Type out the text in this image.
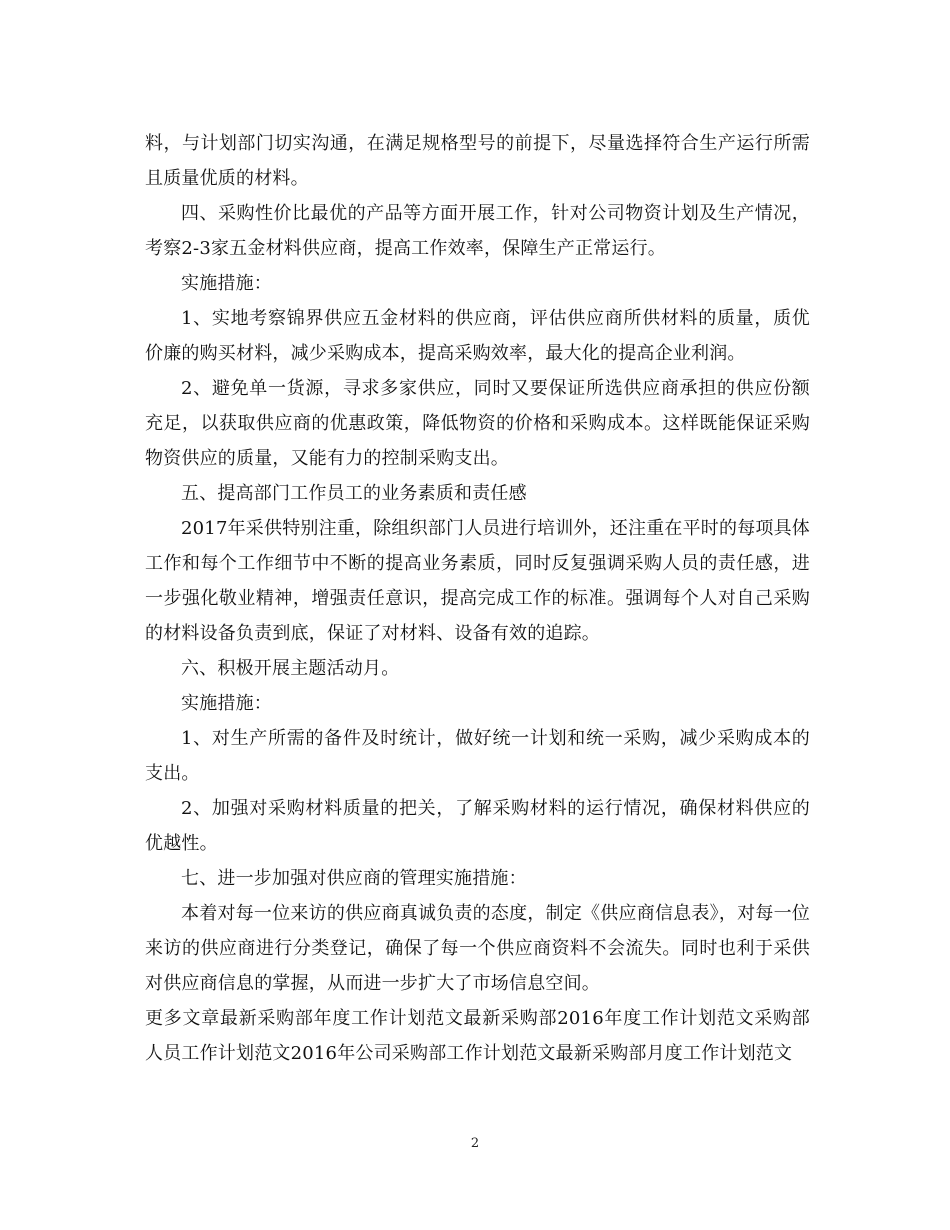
料，与计划部门切实沟通，在满足规格型号的前提下，尽量选择符合生产运行所需且质量优质的材料。

四、采购性价比最优的产品等方面开展工作，针对公司物资计划及生产情况，考察2-3家五金材料供应商，提高工作效率，保障生产正常运行。

实施措施：

1、实地考察锦界供应五金材料的供应商，评估供应商所供材料的质量，质优价廉的购买材料，减少采购成本，提高采购效率，最大化的提高企业利润。

2、避免单一货源，寻求多家供应，同时又要保证所选供应商承担的供应份额充足，以获取供应商的优惠政策，降低物资的价格和采购成本。这样既能保证采购物资供应的质量，又能有力的控制采购支出。

五、提高部门工作员工的业务素质和责任感

2017年采供特别注重，除组织部门人员进行培训外，还注重在平时的每项具体工作和每个工作细节中不断的提高业务素质，同时反复强调采购人员的责任感，进一步强化敬业精神，增强责任意识，提高完成工作的标准。强调每个人对自己采购的材料设备负责到底，保证了对材料、设备有效的追踪。

六、积极开展主题活动月。

实施措施：

1、对生产所需的备件及时统计，做好统一计划和统一采购，减少采购成本的支出。

2、加强对采购材料质量的把关，了解采购材料的运行情况，确保材料供应的优越性。

七、进一步加强对供应商的管理实施措施：

本着对每一位来访的供应商真诚负责的态度，制定《供应商信息表》，对每一位来访的供应商进行分类登记，确保了每一个供应商资料不会流失。同时也利于采供对供应商信息的掌握，从而进一步扩大了市场信息空间。

更多文章最新采购部年度工作计划范文最新采购部2016年度工作计划范文采购部人员工作计划范文2016年公司采购部工作计划范文最新采购部月度工作计划范文

2
